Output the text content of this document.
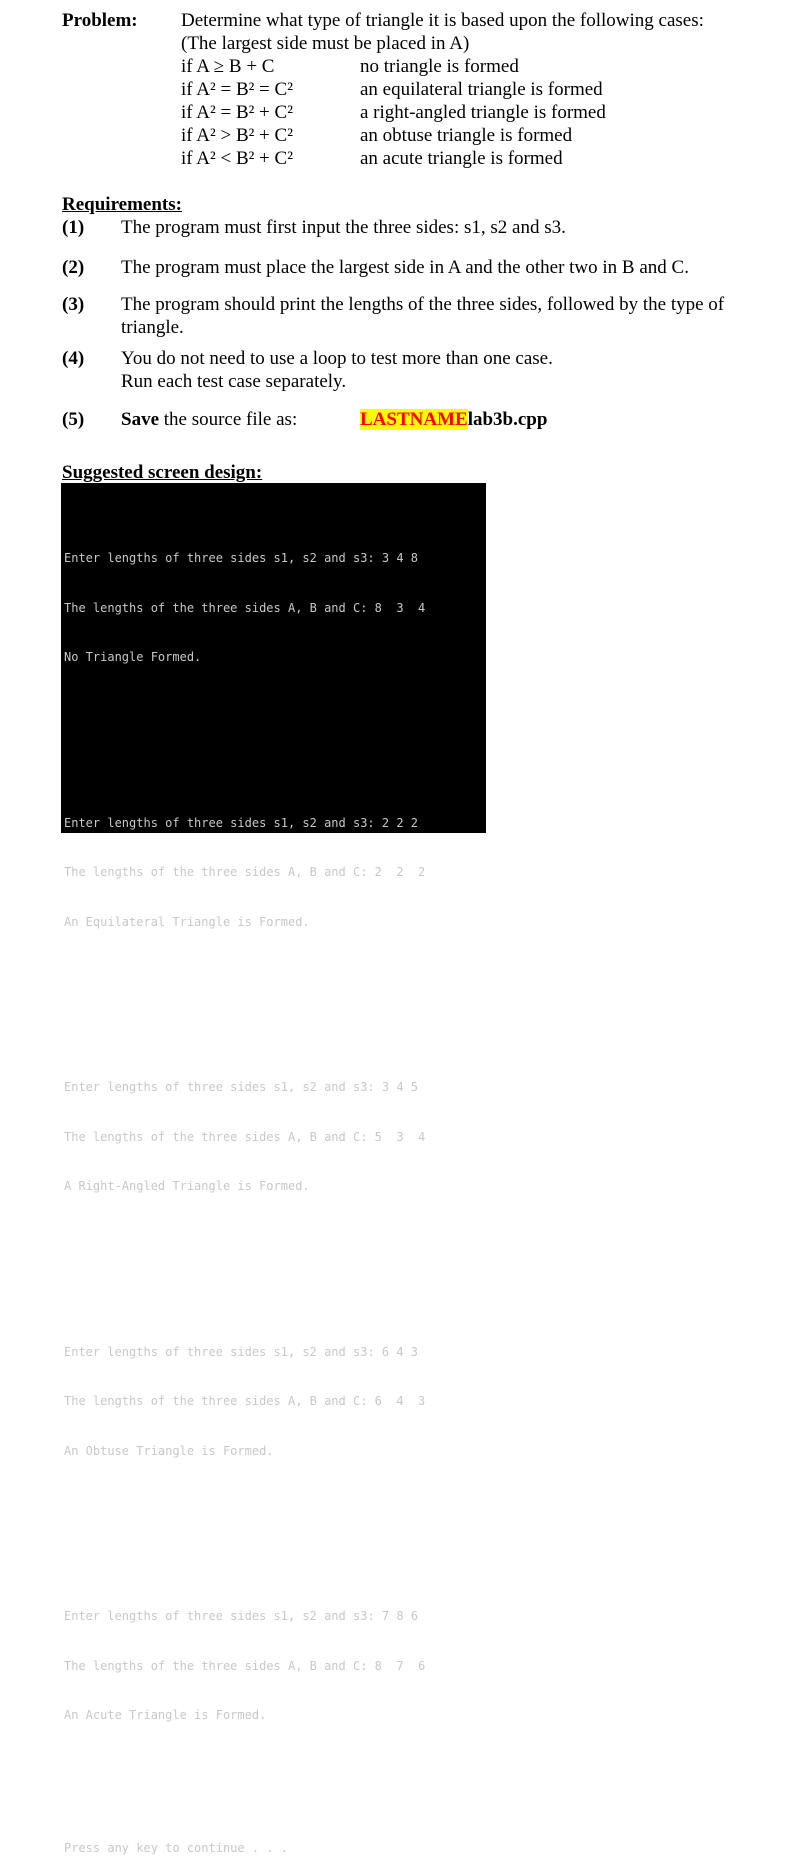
Problem: Determine what type of triangle it is based upon the following cases:
(The largest side must be placed in A)
if A ≥ B + C	no triangle is formed
if A² = B² = C²	an equilateral triangle is formed
if A² = B² + C²	a right-angled triangle is formed
if A² > B² + C²	an obtuse triangle is formed
if A² < B² + C²	an acute triangle is formed
Requirements:
(1) The program must first input the three sides: s1, s2 and s3.
(2) The program must place the largest side in A and the other two in B and C.
(3) The program should print the lengths of the three sides, followed by the type of
triangle.
(4) You do not need to use a loop to test more than one case.
Run each test case separately.
(5) Save the source file as:	LASTNAMElab3b.cpp
Suggested screen design:

Enter lengths of three sides s1, s2 and s3: 3 4 8

The lengths of the three sides A, B and C: 8  3  4

No Triangle Formed.

Enter lengths of three sides s1, s2 and s3: 2 2 2

The lengths of the three sides A, B and C: 2  2  2

An Equilateral Triangle is Formed.

Enter lengths of three sides s1, s2 and s3: 3 4 5

The lengths of the three sides A, B and C: 5  3  4

A Right-Angled Triangle is Formed.

Enter lengths of three sides s1, s2 and s3: 6 4 3

The lengths of the three sides A, B and C: 6  4  3

An Obtuse Triangle is Formed.

Enter lengths of three sides s1, s2 and s3: 7 8 6

The lengths of the three sides A, B and C: 8  7  6

An Acute Triangle is Formed.

Press any key to continue . . .
